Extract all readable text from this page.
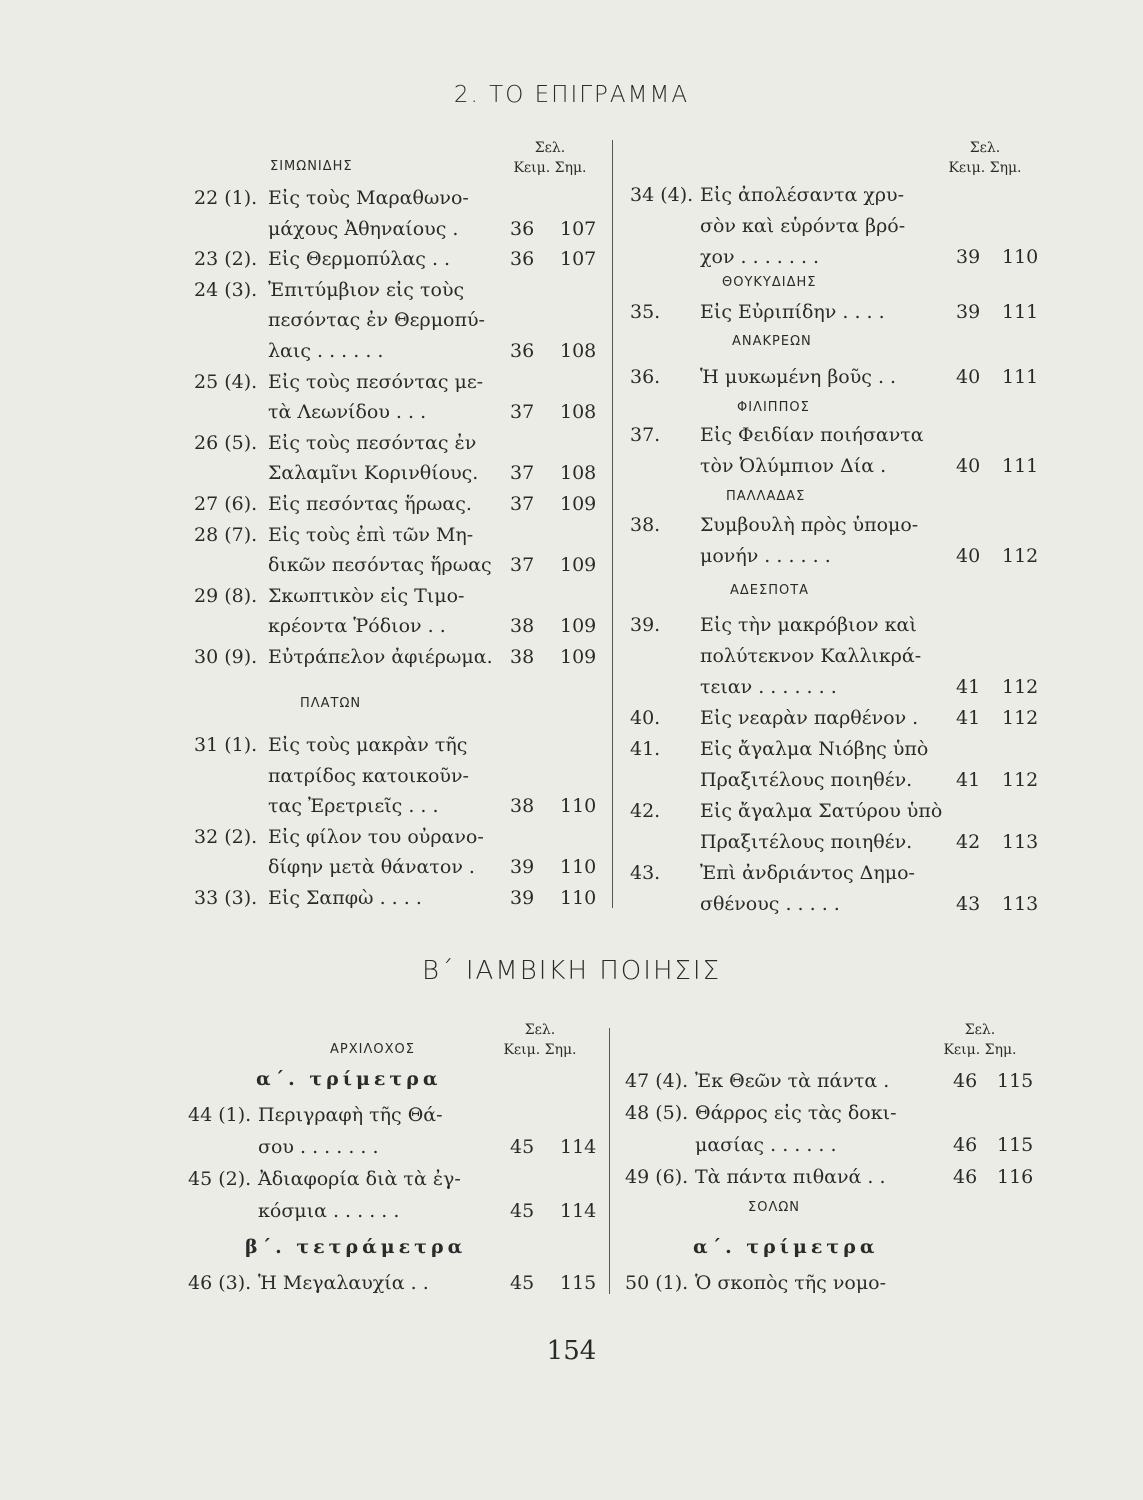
2. ΤΟ ΕΠΙΓΡΑΜΜΑ
Σελ.
Κειμ. Σημ.
ΣΙΜΩΝΙΔΗΣ
22 (1). Εἰς τοὺς Μαραθωνο-
μάχους Ἀθηναίους .	36 107
23 (2). Εἰς Θερμοπύλας . .	36 107
24 (3). Ἐπιτύμβιον εἰς τοὺς
πεσόντας ἐν Θερμοπύ-
λαις . . . . . .	36 108
25 (4). Εἰς τοὺς πεσόντας με-
τὰ Λεωνίδου . . .	37 108
26 (5). Εἰς τοὺς πεσόντας ἐν
Σαλαμῖνι Κορινθίους. 37 108
27 (6). Εἰς πεσόντας ἥρωας. 37 109
28 (7). Εἰς τοὺς ἐπὶ τῶν Μη-
δικῶν πεσόντας ἥρωας 37 109
29 (8). Σκωπτικὸν εἰς Τιμο-
κρέοντα Ῥόδιον . .	38 109
30 (9). Εὐτράπελον ἀφιέρωμα. 38 109
ΠΛΑΤΩΝ
31 (1). Εἰς τοὺς μακρὰν τῆς
πατρίδος κατοικοῦν-
τας Ἐρετριεῖς . . .	38 110
32 (2). Εἰς φίλον του οὐρανο-
δίφην μετὰ θάνατον . 39 110
33 (3). Εἰς Σαπφὼ . . . .	39 110
Σελ.
Κειμ. Σημ.
34 (4). Εἰς ἀπολέσαντα χρυ-
σὸν καὶ εὑρόντα βρό-
χον . . . . . . .	39 110
ΘΟΥΚΥΔΙΔΗΣ
35. Εἰς Εὐριπίδην . . . .	39 111
ΑΝΑΚΡΕΩΝ
36. Ἡ μυκωμένη βοῦς . .	40 111
ΦΙΛΙΠΠΟΣ
37. Εἰς Φειδίαν ποιήσαντα
τὸν Ὀλύμπιον Δία .	40 111
ΠΑΛΛΑΔΑΣ
38. Συμβουλὴ πρὸς ὑπομο-
μονήν . . . . . .	40 112
ΑΔΕΣΠΟΤΑ
39. Εἰς τὴν μακρόβιον καὶ
πολύτεκνον Καλλικρά-
τειαν . . . . . . .	41 112
40. Εἰς νεαρὰν παρθένον . 41 112
41. Εἰς ἄγαλμα Νιόβης ὑπὸ
Πραξιτέλους ποιηθέν. 41 112
42. Εἰς ἄγαλμα Σατύρου ὑπὸ
Πραξιτέλους ποιηθέν. 42 113
43. Ἐπὶ ἀνδριάντος Δημο-
σθένους . . . . .	43 113
Β΄ ΙΑΜΒΙΚΗ ΠΟΙΗΣΙΣ
Σελ.
Κειμ. Σημ.
ΑΡΧΙΛΟΧΟΣ
α΄. τρίμετρα
44 (1). Περιγραφὴ τῆς Θά-
σου . . . . . . .	45 114
45 (2). Ἀδιαφορία διὰ τὰ ἐγ-
κόσμια . . . . . .	45 114
β΄. τετράμετρα
46 (3). Ἡ Μεγαλαυχία . .	45 115
Σελ.
Κειμ. Σημ.
47 (4). Ἐκ Θεῶν τὰ πάντα .	46 115
48 (5). Θάρρος εἰς τὰς δοκι-
μασίας . . . . . .	46 115
49 (6). Τὰ πάντα πιθανά . .	46 116
ΣΟΛΩΝ
α΄. τρίμετρα
50 (1). Ὁ σκοπὸς τῆς νομο-
154
